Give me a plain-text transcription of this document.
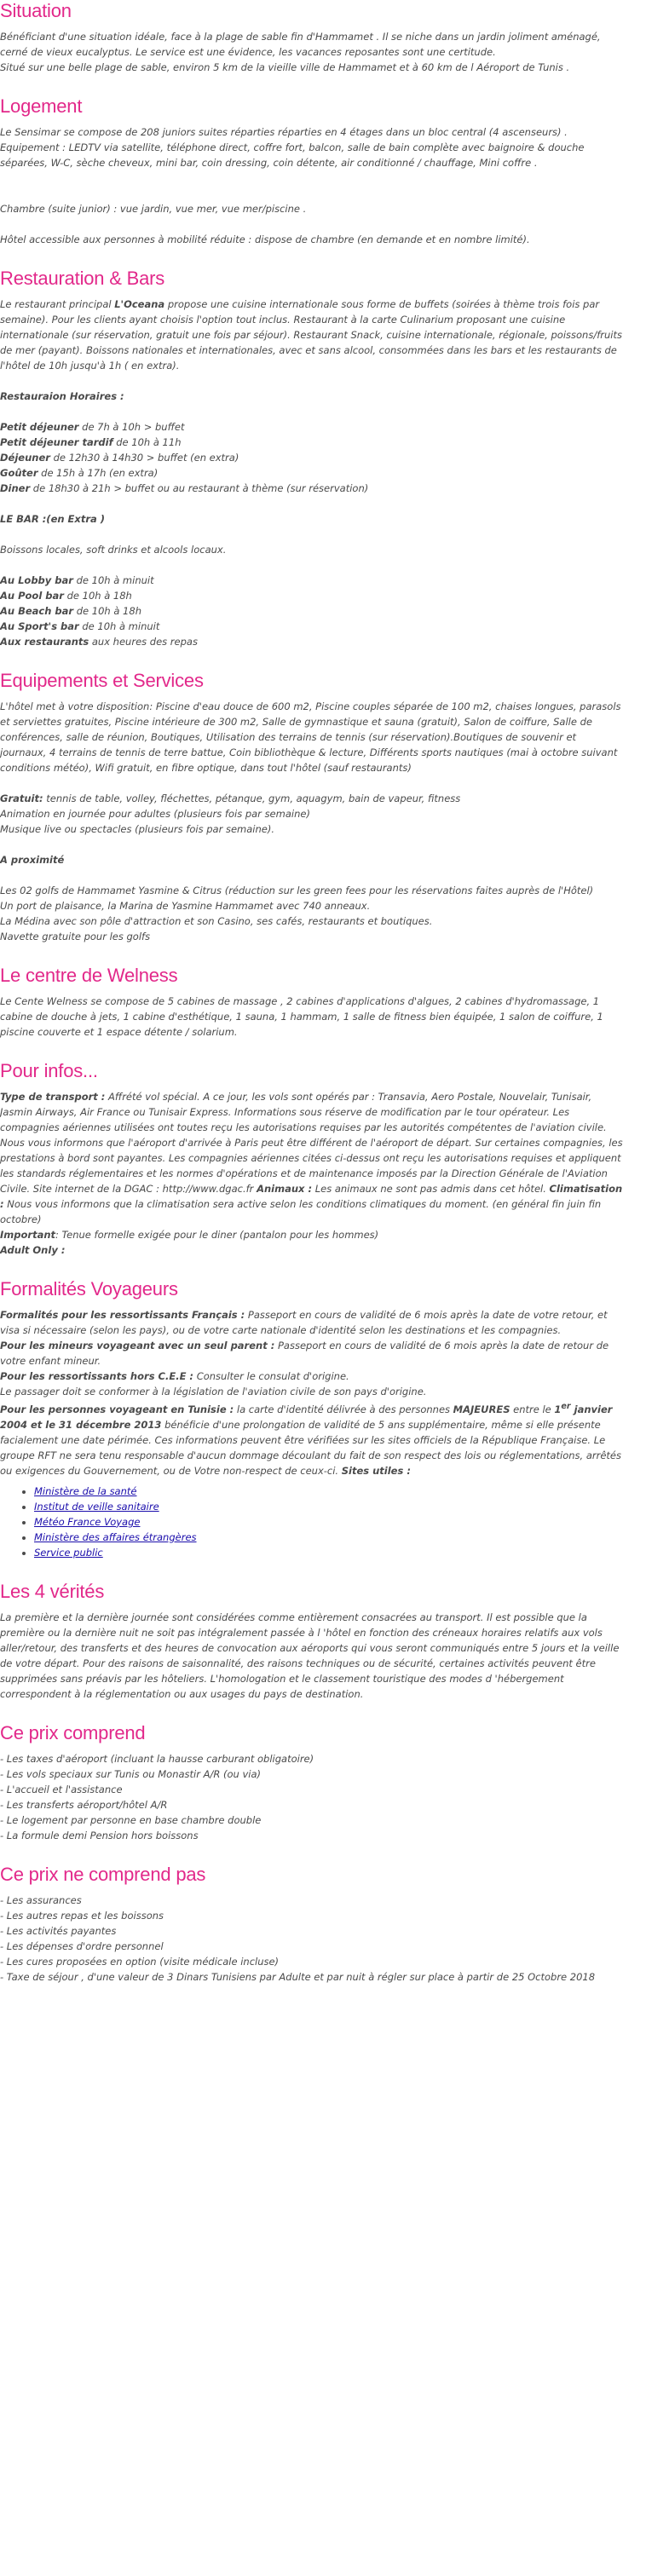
Situation

Bénéficiant d'une situation idéale, face à la plage de sable fin d'Hammamet . Il se niche dans un jardin joliment aménagé, cerné de vieux eucalyptus. Le service est une évidence, les vacances reposantes sont une certitude.

Situé sur une belle plage de sable, environ 5 km de la vieille ville de Hammamet et à 60 km de l Aéroport de Tunis .

Logement

Le Sensimar se compose de 208 juniors suites réparties réparties en 4 étages dans un bloc central (4 ascenseurs) . Equipement : LEDTV via satellite, téléphone direct, coffre fort, balcon, salle de bain complète avec baignoire & douche séparées, W-C, sèche cheveux, mini bar, coin dressing, coin détente, air conditionné / chauffage, Mini coffre .

Chambre (suite junior) : vue jardin, vue mer, vue mer/piscine .

Hôtel accessible aux personnes à mobilité réduite : dispose de chambre (en demande et en nombre limité).

Restauration & Bars

Le restaurant principal L'Oceana propose une cuisine internationale sous forme de buffets (soirées à thème trois fois par semaine). Pour les clients ayant choisis l'option tout inclus. Restaurant à la carte Culinarium proposant une cuisine internationale (sur réservation, gratuit une fois par séjour). Restaurant Snack, cuisine internationale, régionale, poissons/fruits de mer (payant). Boissons nationales et internationales, avec et sans alcool, consommées dans les bars et les restaurants de l'hôtel de 10h jusqu'à 1h ( en extra).

Restauraion Horaires :

Petit déjeuner de 7h à 10h > buffet

Petit déjeuner tardif de 10h à 11h

Déjeuner de 12h30 à 14h30 > buffet (en extra)

Goûter de 15h à 17h (en extra)

Diner de 18h30 à 21h > buffet ou au restaurant à thème (sur réservation)

LE BAR :(en Extra )

Boissons locales, soft drinks et alcools locaux.

Au Lobby bar de 10h à minuit

Au Pool bar de 10h à 18h

Au Beach bar de 10h à 18h

Au Sport's bar de 10h à minuit

Aux restaurants aux heures des repas

Equipements et Services

L'hôtel met à votre disposition: Piscine d'eau douce de 600 m2, Piscine couples séparée de 100 m2, chaises longues, parasols et serviettes gratuites, Piscine intérieure de 300 m2, Salle de gymnastique et sauna (gratuit), Salon de coiffure, Salle de conférences, salle de réunion, Boutiques, Utilisation des terrains de tennis (sur réservation).Boutiques de souvenir et journaux, 4 terrains de tennis de terre battue, Coin bibliothèque & lecture, Différents sports nautiques (mai à octobre suivant conditions météo), Wifi gratuit, en fibre optique, dans tout l'hôtel (sauf restaurants)

Gratuit: tennis de table, volley, fléchettes, pétanque, gym, aquagym, bain de vapeur, fitness

Animation en journée pour adultes (plusieurs fois par semaine)

Musique live ou spectacles (plusieurs fois par semaine).

A proximité

Les 02 golfs de Hammamet Yasmine & Citrus (réduction sur les green fees pour les réservations faites auprès de l'Hôtel)

Un port de plaisance, la Marina de Yasmine Hammamet avec 740 anneaux.

La Médina avec son pôle d'attraction et son Casino, ses cafés, restaurants et boutiques.

Navette gratuite pour les golfs

Le centre de Welness

Le Cente Welness se compose de 5 cabines de massage , 2 cabines d'applications d'algues, 2 cabines d'hydromassage, 1 cabine de douche à jets, 1 cabine d'esthétique, 1 sauna, 1 hammam, 1 salle de fitness bien équipée, 1 salon de coiffure, 1 piscine couverte et 1 espace détente / solarium.

Pour infos...

Type de transport : Affrété vol spécial. A ce jour, les vols sont opérés par : Transavia, Aero Postale, Nouvelair, Tunisair, Jasmin Airways, Air France ou Tunisair Express. Informations sous réserve de modification par le tour opérateur. Les compagnies aériennes utilisées ont toutes reçu les autorisations requises par les autorités compétentes de l'aviation civile. Nous vous informons que l'aéroport d'arrivée à Paris peut être différent de l'aéroport de départ. Sur certaines compagnies, les prestations à bord sont payantes. Les compagnies aériennes citées ci-dessus ont reçu les autorisations requises et appliquent les standards réglementaires et les normes d'opérations et de maintenance imposés par la Direction Générale de l'Aviation Civile. Site internet de la DGAC : http://www.dgac.fr Animaux : Les animaux ne sont pas admis dans cet hôtel. Climatisation : Nous vous informons que la climatisation sera active selon les conditions climatiques du moment. (en général fin juin fin octobre)

Important: Tenue formelle exigée pour le diner (pantalon pour les hommes)

Adult Only :

Formalités Voyageurs

Formalités pour les ressortissants Français : Passeport en cours de validité de 6 mois après la date de votre retour, et visa si nécessaire (selon les pays), ou de votre carte nationale d'identité selon les destinations et les compagnies.

Pour les mineurs voyageant avec un seul parent : Passeport en cours de validité de 6 mois après la date de retour de votre enfant mineur.

Pour les ressortissants hors C.E.E : Consulter le consulat d'origine.

Le passager doit se conformer à la législation de l'aviation civile de son pays d'origine.

Pour les personnes voyageant en Tunisie : la carte d'identité délivrée à des personnes MAJEURES entre le 1er janvier 2004 et le 31 décembre 2013 bénéficie d'une prolongation de validité de 5 ans supplémentaire, même si elle présente facialement une date périmée. Ces informations peuvent être vérifiées sur les sites officiels de la République Française. Le groupe RFT ne sera tenu responsable d'aucun dommage découlant du fait de son respect des lois ou réglementations, arrêtés ou exigences du Gouvernement, ou de Votre non-respect de ceux-ci. Sites utiles :

• Ministère de la santé
• Institut de veille sanitaire
• Météo France Voyage
• Ministère des affaires étrangères
• Service public
Les 4 vérités

La première et la dernière journée sont considérées comme entièrement consacrées au transport. Il est possible que la première ou la dernière nuit ne soit pas intégralement passée à l 'hôtel en fonction des créneaux horaires relatifs aux vols aller/retour, des transferts et des heures de convocation aux aéroports qui vous seront communiqués entre 5 jours et la veille de votre départ. Pour des raisons de saisonnalité, des raisons techniques ou de sécurité, certaines activités peuvent être supprimées sans préavis par les hôteliers. L'homologation et le classement touristique des modes d 'hébergement correspondent à la réglementation ou aux usages du pays de destination.

Ce prix comprend

- Les taxes d'aéroport (incluant la hausse carburant obligatoire)

- Les vols speciaux sur Tunis ou Monastir A/R (ou via)

- L'accueil et l'assistance

- Les transferts aéroport/hôtel A/R

- Le logement par personne en base chambre double

- La formule demi Pension hors boissons

Ce prix ne comprend pas

- Les assurances

- Les autres repas et les boissons

- Les activités payantes

- Les dépenses d'ordre personnel

- Les cures proposées en option (visite médicale incluse)

- Taxe de séjour , d'une valeur de 3 Dinars Tunisiens par Adulte et par nuit à régler sur place à partir de 25 Octobre 2018
